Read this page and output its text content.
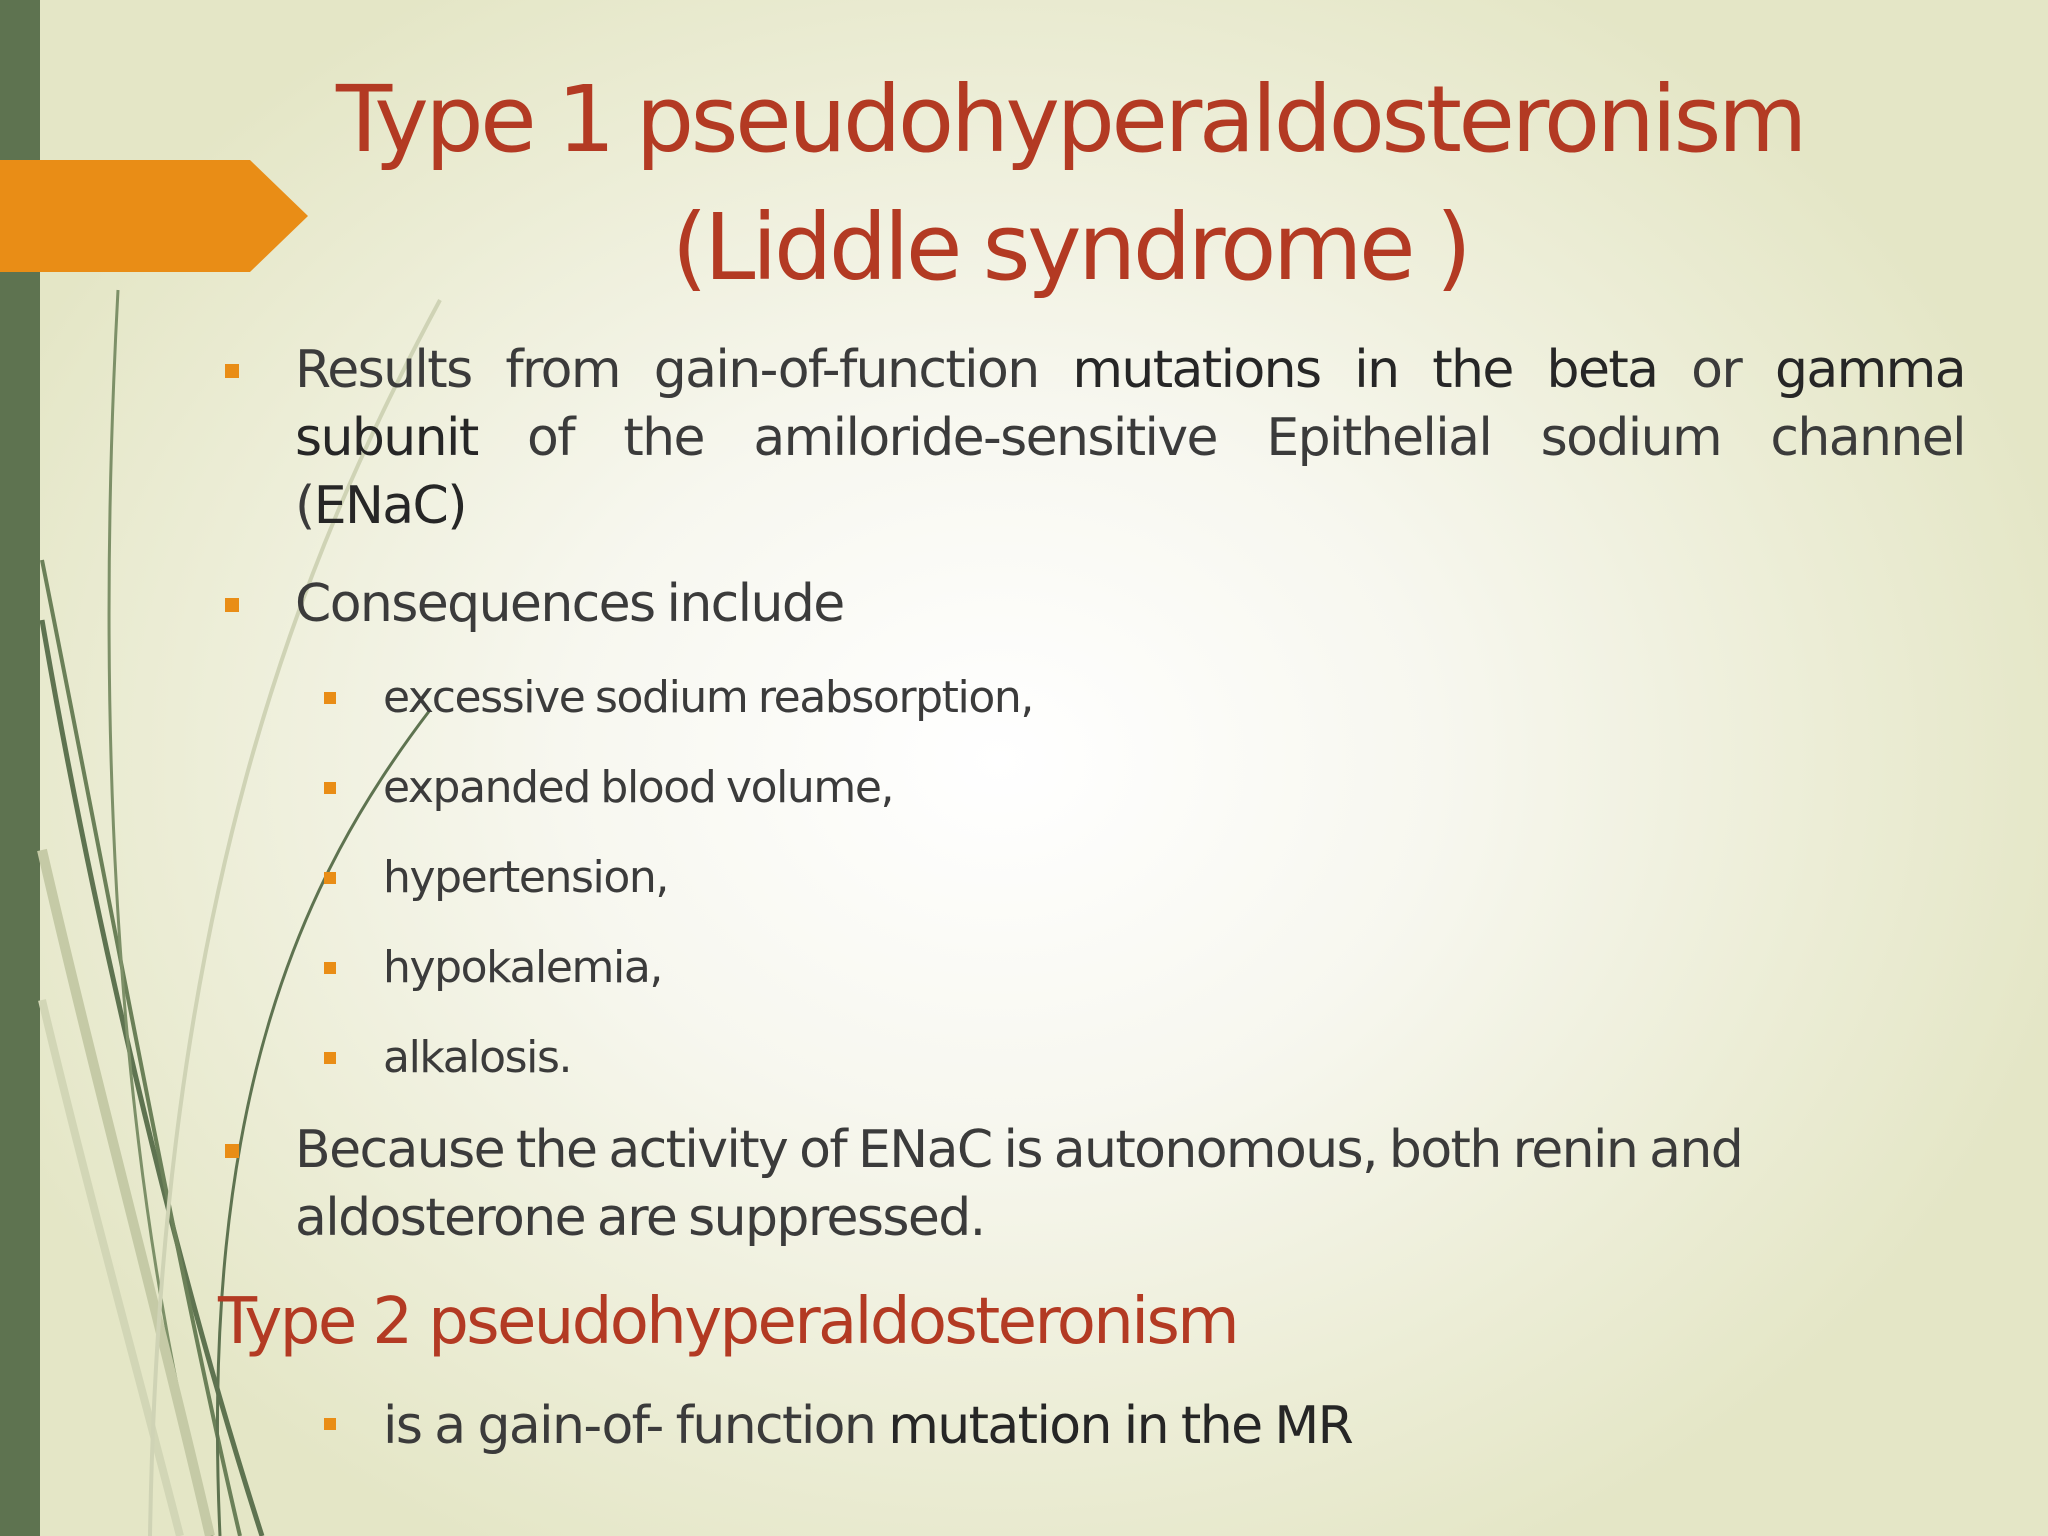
Type 1 pseudohyperaldosteronism
(Liddle syndrome )
Results from gain-of-function mutations in the beta or gamma
subunit of the amiloride-sensitive Epithelial sodium channel
(ENaC)
Consequences include
excessive sodium reabsorption,
expanded blood volume,
hypertension,
hypokalemia,
alkalosis.
Because the activity of ENaC is autonomous, both renin and aldosterone are suppressed.
Type 2 pseudohyperaldosteronism
is a gain-of- function mutation in the MR
